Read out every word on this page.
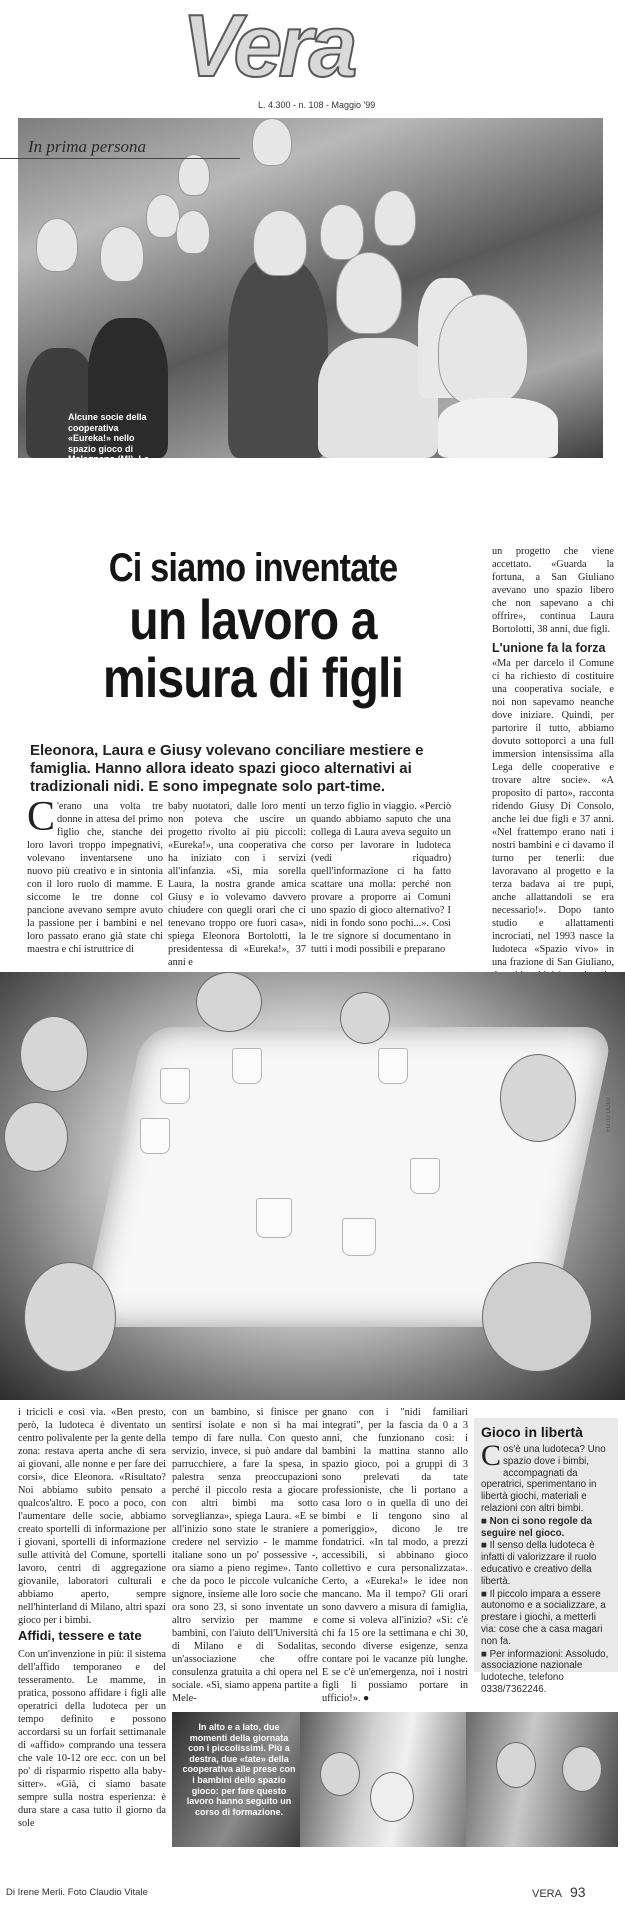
Vera
L. 4.300 - n. 108 - Maggio '99
In prima persona
Alcune socie della cooperativa «Eureka!» nello spazio gioco di Melegnano (MI). Le fondatrici "sono" al centro: Laura con gli occhiali. Giusy con il cappello. Eleonora... il pancione!
Ci siamo inventate
un lavoro a
misura di figli
Eleonora, Laura e Giusy volevano conciliare mestiere e famiglia. Hanno allora ideato spazi gioco alternativi ai tradizionali nidi. E sono impegnate solo part-time.

un progetto che viene accettato. «Guarda la fortuna, a San Giuliano avevano uno spazio libero che non sapevano a chi offrire», continua Laura Bortolotti, 38 anni, due figli.

L'unione fa la forza

«Ma per darcelo il Comune ci ha richiesto di costituire una cooperativa sociale, e noi non sapevamo neanche dove iniziare. Quindi, per partorire il tutto, abbiamo dovuto sottoporci a una full immersion intensissima alla Lega delle cooperative e trovare altre socie». «A proposito di parto», racconta ridendo Giusy Di Consolo, anche lei due figli e 37 anni. «Nel frattempo erano nati i nostri bambini e ci davamo il turno per tenerli: due lavoravano al progetto e la terza badava ai tre pupi, anche allattandoli se era necessario!». Dopo tanto studio e allattamenti incrociati, nel 1993 nasce la ludoteca «Spazio vivo» in una frazione di San Giuliano,

C 'erano una volta tre donne in attesa del primo figlio che, stanche dei loro lavori troppo impegnativi, volevano inventarsene uno nuovo più creativo e in sintonia con il loro ruolo di mamme. E siccome le tre donne col pancione avevano sempre avuto la passione per i bambini e nel loro passato erano già state chi maestra e chi istruttrice di
baby nuotatori, dalle loro menti non poteva che uscire un progetto rivolto ai più piccoli: «Eureka!», una cooperativa che ha iniziato con i servizi all'infanzia. «Sì, mia sorella Laura, la nostra grande amica Giusy e io volevamo davvero chiudere con quegli orari che ci tenevano troppo ore fuori casa», spiega Eleonora Bortolotti, la presidentessa di «Eureka!», 37 anni e
un terzo figlio in viaggio. «Perciò quando abbiamo saputo che una collega di Laura aveva seguito un corso per lavorare in ludoteca (vedi riquadro) quell'informazione ci ha fatto scattare una molla: perché non provare a proporre ai Comuni uno spazio di gioco alternativo? I nidi in fondo sono pochi...». Così le tre signore si documentano in tutti i modi possibili e preparano
FOTO OGGI
i tricicli e così via. «Ben presto, però, la ludoteca è diventato un centro polivalente per la gente della zona: restava aperta anche di sera ai giovani, alle nonne e per fare dei corsi», dice Eleonora. «Risultato? Noi abbiamo subito pensato a qualcos'altro. E poco a poco, con l'aumentare delle socie, abbiamo creato sportelli di informazione per i giovani, sportelli di informazione sulle attività del Comune, sportelli lavoro, centri di aggregazione giovanile, laboratori culturali e abbiamo aperto, sempre nell'hinterland di Milano, altri spazi gioco per i bimbi.
Affidi, tessere e tate
Con un'invenzione in più: il sistema dell'affido temporaneo e del tesseramento. Le mamme, in pratica, possono affidare i figli alle operatrici della ludoteca per un tempo definito e possono accordarsi su un forfait settimanale di «affido» comprando una tessera che vale 10-12 ore ecc. con un bel po' di risparmio rispetto alla baby-sitter». «Già, ci siamo basate sempre sulla nostra esperienza: è dura stare a casa tutto il giorno da sole
con un bambino, si finisce per sentirsi isolate e non si ha mai tempo di fare nulla. Con questo servizio, invece, si può andare dal parrucchiere, a fare la spesa, in palestra senza preoccupazioni perché il piccolo resta a giocare con altri bimbi ma sotto sorveglianza», spiega Laura. «E se all'inizio sono state le straniere a credere nel servizio - le mamme italiane sono un po' possessive -, ora siamo a pieno regime». Tanto che da poco le piccole vulcaniche signore, insieme alle loro socie che ora sono 23, si sono inventate un altro servizio per mamme e bambini, con l'aiuto dell'Università di Milano e di Sodalitas, un'associazione che offre consulenza gratuita a chi opera nel sociale. «Sì, siamo appena partite a Mele-
gnano con i "nidi familiari integrati", per la fascia da 0 a 3 anni, che funzionano così: i bambini la mattina stanno allo spazio gioco, poi a gruppi di 3 sono prelevati da tate professioniste, che li portano a casa loro o in quella di uno dei bimbi e li tengono sino al pomeriggio», dicono le tre fondatrici. «In tal modo, a prezzi accessibili, si abbinano gioco collettivo e cura personalizzata». Certo, a «Eureka!» le idee non mancano. Ma il tempo? Gli orari sono davvero a misura di famiglia, come si voleva all'inizio? «Sì: c'è chi fa 15 ore la settimana e chi 30, secondo diverse esigenze, senza contare poi le vacanze più lunghe. E se c'è un'emergenza, noi i nostri figli li possiamo portare in ufficio!». ●
Gioco in libertà

Cos'è una ludoteca? Uno spazio dove i bimbi, accompagnati da operatrici, sperimentano in libertà giochi, materiali e relazioni con altri bimbi.

■ Non ci sono regole da seguire nel gioco.

■ Il senso della ludoteca è infatti di valorizzare il ruolo educativo e creativo della libertà.

■ Il piccolo impara a essere autonomo e a socializzare, a prestare i giochi, a metterli via: cose che a casa magari non fa.

■ Per informazioni: Assoludo, associazione nazionale ludoteche, telefono 0338/7362246.

In alto e a lato, due momenti della giornata con i piccolissimi. Più a destra, due «tate» della cooperativa alle prese con i bambini dello spazio gioco: per fare questo lavoro hanno seguito un corso di formazione.
Di Irene Merli. Foto Claudio Vitale	VERA 93
